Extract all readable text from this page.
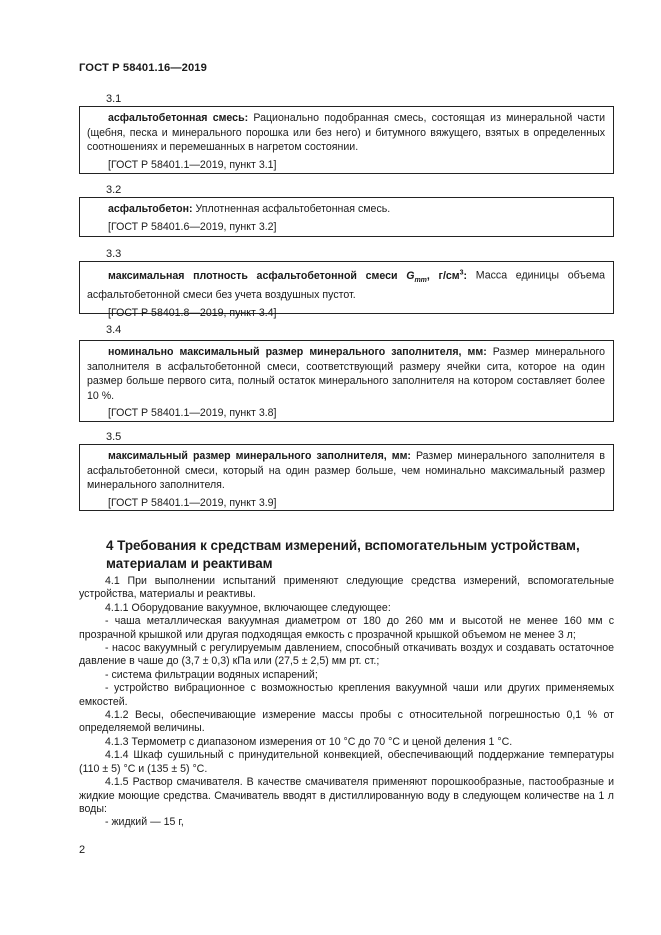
ГОСТ Р 58401.16—2019
3.1

асфальтобетонная смесь: Рационально подобранная смесь, состоящая из минеральной части (щебня, песка и минерального порошка или без него) и битумного вяжущего, взятых в определенных соотношениях и перемешанных в нагретом состоянии.

[ГОСТ Р 58401.1—2019, пункт 3.1]

3.2

асфальтобетон: Уплотненная асфальтобетонная смесь.

[ГОСТ Р 58401.6—2019, пункт 3.2]

3.3

максимальная плотность асфальтобетонной смеси $G_{mm}$, $г/см^3$: Масса единицы объема асфальтобетонной смеси без учета воздушных пустот.

[ГОСТ Р 58401.8—2019, пункт 3.4]

3.4

номинально максимальный размер минерального заполнителя, мм: Размер минерального заполнителя в асфальтобетонной смеси, соответствующий размеру ячейки сита, которое на один размер больше первого сита, полный остаток минерального заполнителя на котором составляет более 10 %.

[ГОСТ Р 58401.1—2019, пункт 3.8]

3.5

максимальный размер минерального заполнителя, мм: Размер минерального заполнителя в асфальтобетонной смеси, который на один размер больше, чем номинально максимальный размер минерального заполнителя.

[ГОСТ Р 58401.1—2019, пункт 3.9]

4 Требования к средствам измерений, вспомогательным устройствам, материалам и реактивам

4.1 При выполнении испытаний применяют следующие средства измерений, вспомогательные устройства, материалы и реактивы.

4.1.1 Оборудование вакуумное, включающее следующее:

- чаша металлическая вакуумная диаметром от 180 до 260 мм и высотой не менее 160 мм с прозрачной крышкой или другая подходящая емкость с прозрачной крышкой объемом не менее 3 л;

- насос вакуумный с регулируемым давлением, способный откачивать воздух и создавать остаточное давление в чаше до (3,7 ± 0,3) кПа или (27,5 ± 2,5) мм рт. ст.;

- система фильтрации водяных испарений;

- устройство вибрационное с возможностью крепления вакуумной чаши или других применяемых емкостей.

4.1.2 Весы, обеспечивающие измерение массы пробы с относительной погрешностью 0,1 % от определяемой величины.

4.1.3 Термометр с диапазоном измерения от 10 °С до 70 °С и ценой деления 1 °С.

4.1.4 Шкаф сушильный с принудительной конвекцией, обеспечивающий поддержание температуры (110 ± 5) °С и (135 ± 5) °С.

4.1.5 Раствор смачивателя. В качестве смачивателя применяют порошкообразные, пастообразные и жидкие моющие средства. Смачиватель вводят в дистиллированную воду в следующем количестве на 1 л воды:

- жидкий — 15 г,

2
